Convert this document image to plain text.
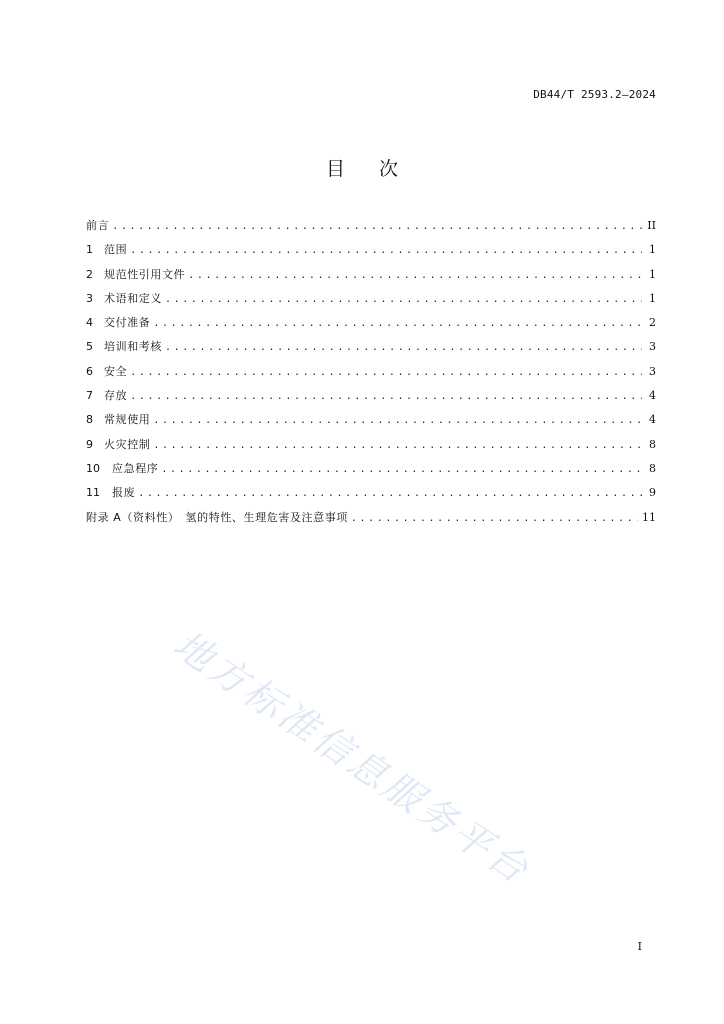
DB44/T 2593.2—2024
目次
前言 .....	II
1	范围 .....	1
2	规范性引用文件 .....	1
3	术语和定义 .....	1
4	交付准备 .....	2
5	培训和考核 .....	3
6	安全 .....	3
7	存放 .....	4
8	常规使用 .....	4
9	火灾控制 .....	8
10	应急程序 .....	8
11	报废 .....	9
附录 A（资料性）　氢的特性、生理危害及注意事项 .....	11
地方标准信息服务平台
I
